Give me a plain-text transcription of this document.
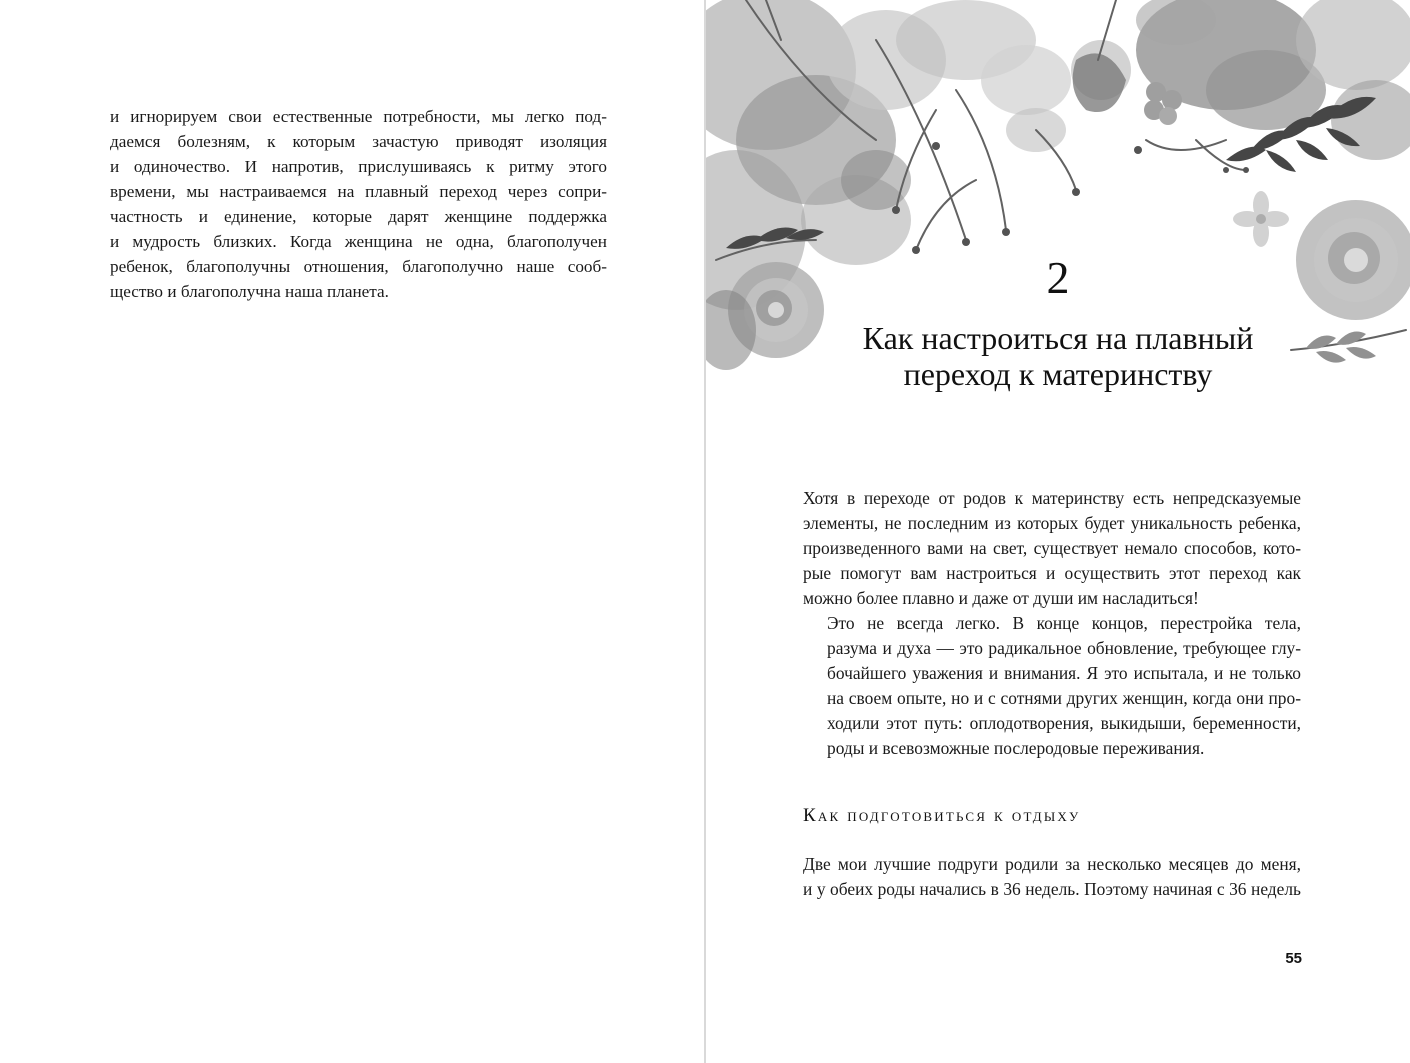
и игнорируем свои естественные потребности, мы легко под-
даемся болезням, к которым зачастую приводят изоляция
и одиночество. И напротив, прислушиваясь к ритму этого
времени, мы настраиваемся на плавный переход через сопри-
частность и единение, которые дарят женщине поддержка
и мудрость близких. Когда женщина не одна, благополучен
ребенок, благополучны отношения, благополучно наше сооб-
щество и благополучна наша планета.	2
Как настроиться на плавный
переход к материнству

Хотя в переходе от родов к материнству есть непредсказуемые
элементы, не последним из которых будет уникальность ребенка,
произведенного вами на свет, существует немало способов, кото-
рые помогут вам настроиться и осуществить этот переход как
можно более плавно и даже от души им насладиться!

Это не всегда легко. В конце концов, перестройка тела,
разума и духа — это радикальное обновление, требующее глу-
бочайшего уважения и внимания. Я это испытала, и не только
на своем опыте, но и с сотнями других женщин, когда они про-
ходили этот путь: оплодотворения, выкидыши, беременности,
роды и всевозможные послеродовые переживания.

Как подготовиться к отдыху
Две мои лучшие подруги родили за несколько месяцев до меня,
и у обеих роды начались в 36 недель. Поэтому начиная с 36 недель
55
